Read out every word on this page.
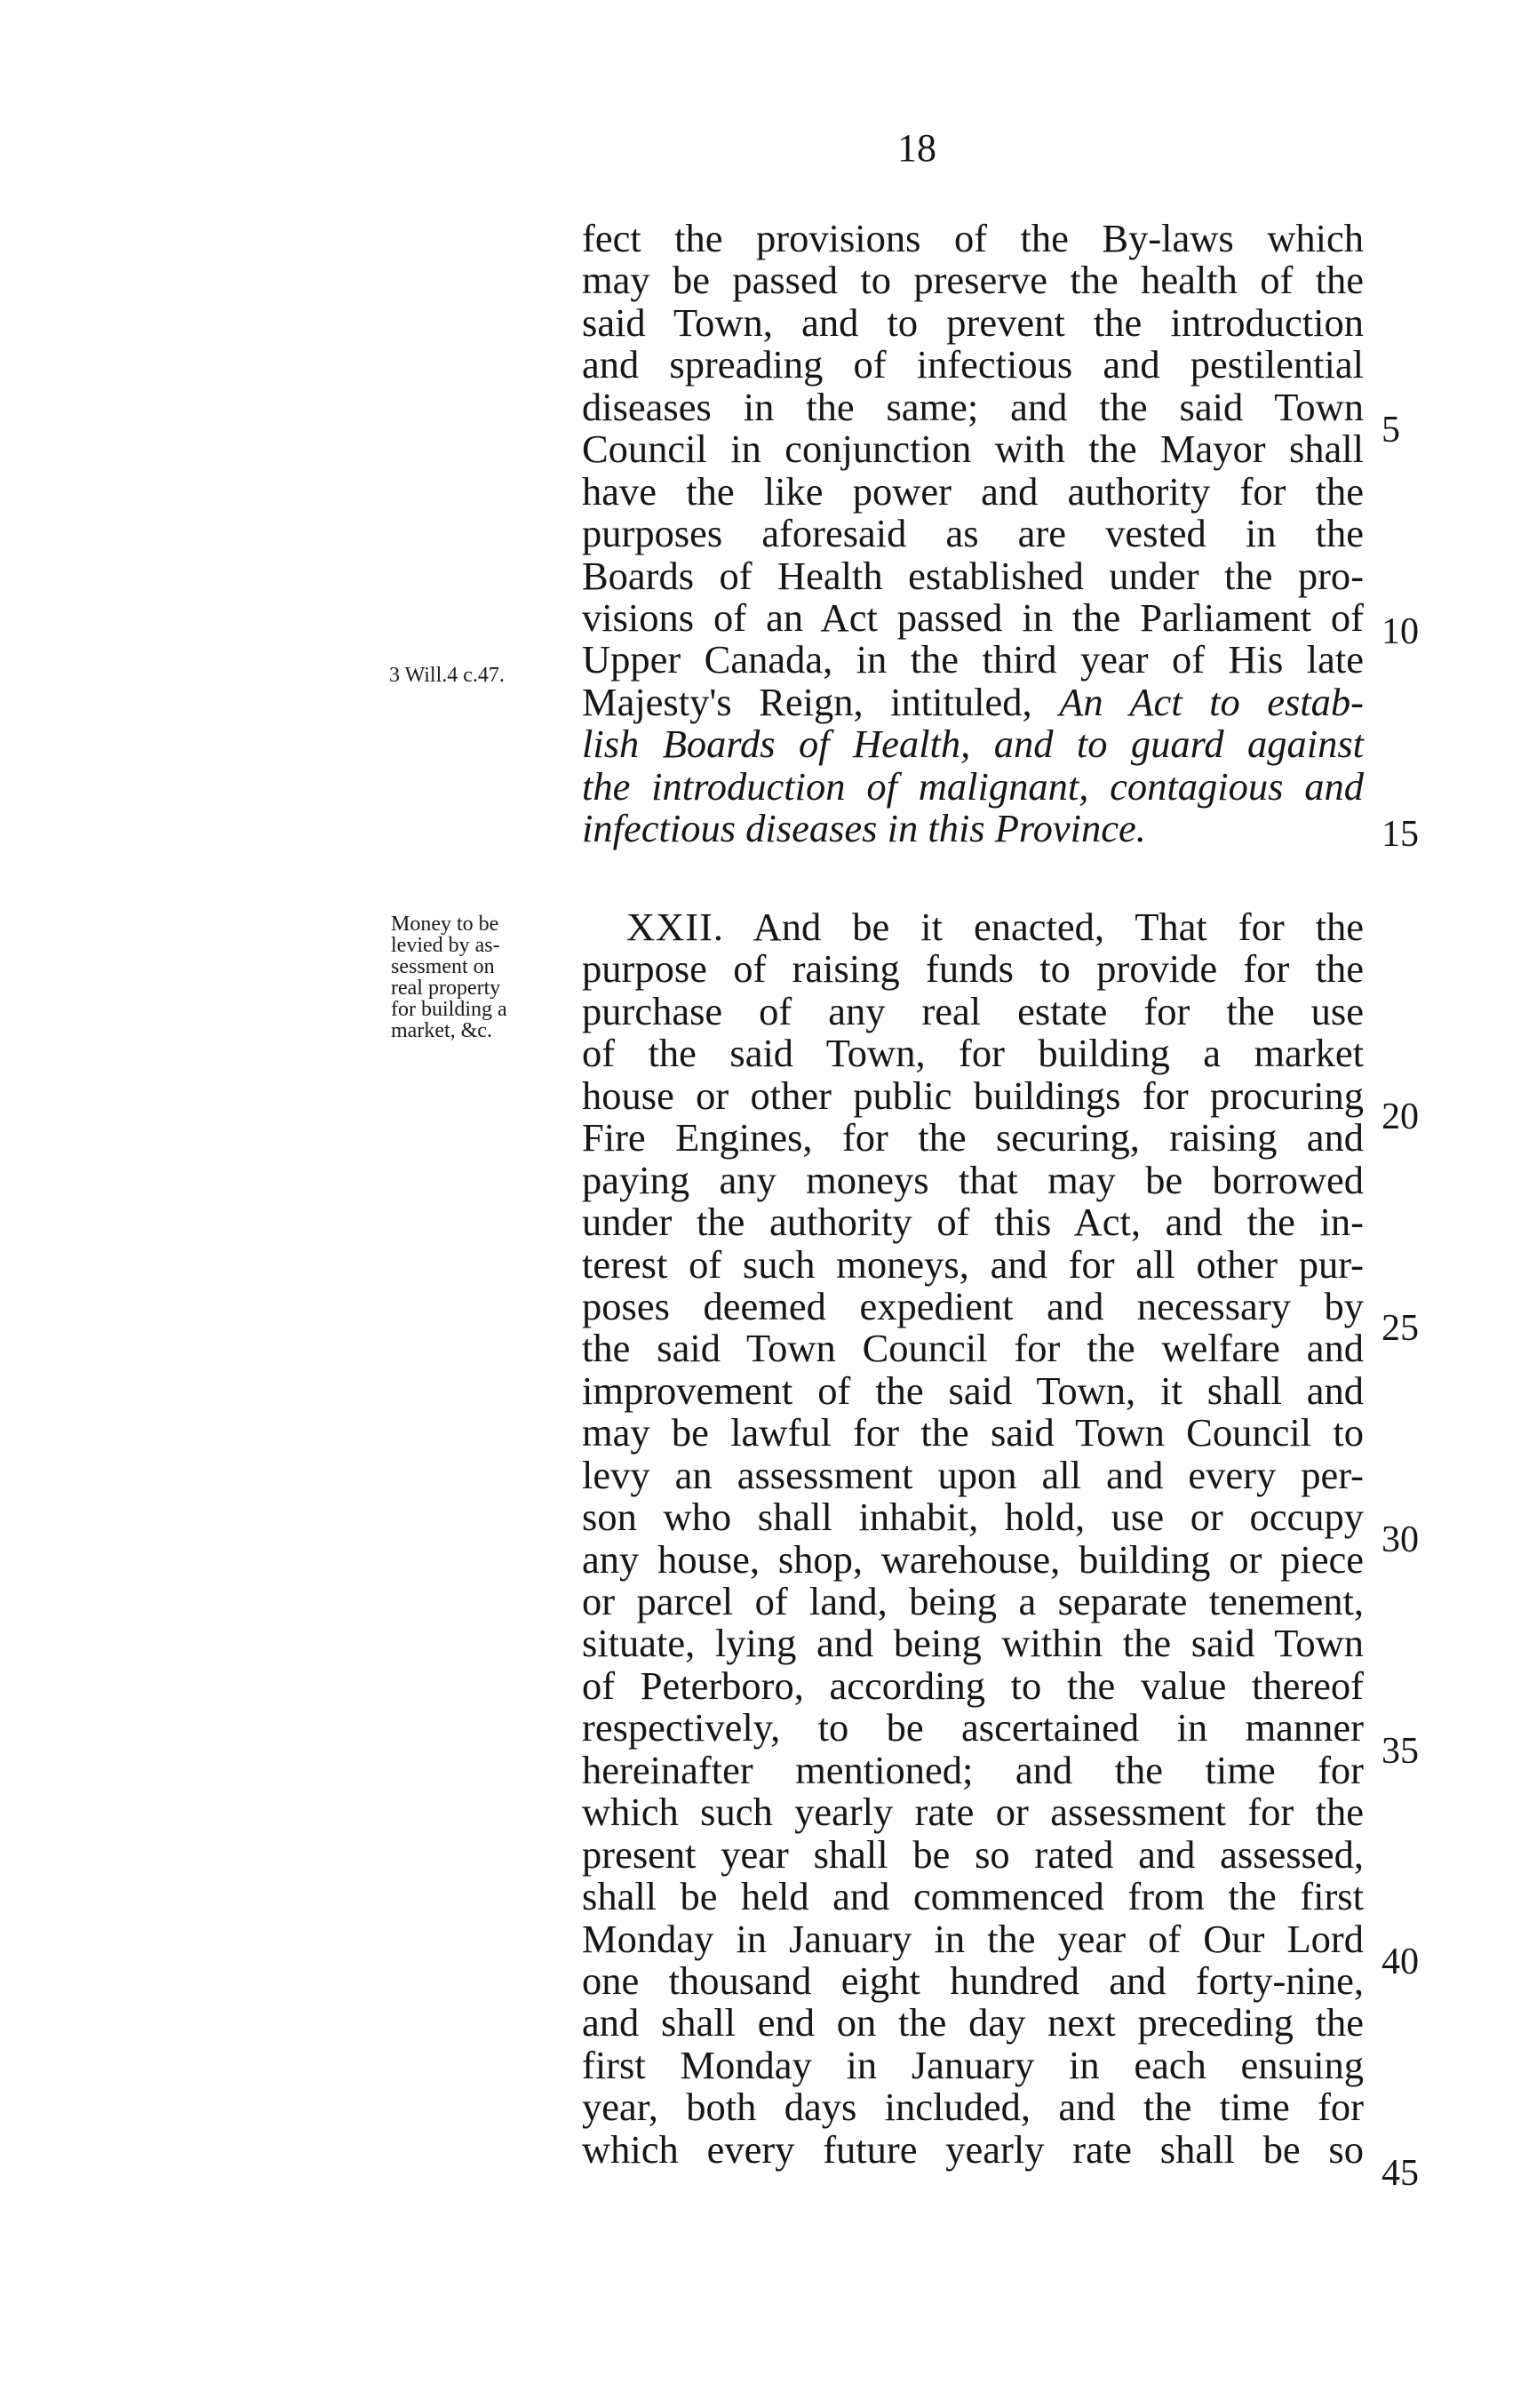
18
3 Will.4 c.47.
Money to be
levied by as-
sessment on
real property
for building a
market, &c.
fect the provisions of the By-laws which
may be passed to preserve the health of the
said Town, and to prevent the introduction
and spreading of infectious and pestilential
diseases in the same; and the said Town
Council in conjunction with the Mayor shall
have the like power and authority for the
purposes aforesaid as are vested in the
Boards of Health established under the pro-
visions of an Act passed in the Parliament of
Upper Canada, in the third year of His late
Majesty's Reign, intituled, An Act to estab-
lish Boards of Health, and to guard against
the introduction of malignant, contagious and
infectious diseases in this Province.
XXII. And be it enacted, That for the
purpose of raising funds to provide for the
purchase of any real estate for the use
of the said Town, for building a market
house or other public buildings for procuring
Fire Engines, for the securing, raising and
paying any moneys that may be borrowed
under the authority of this Act, and the in-
terest of such moneys, and for all other pur-
poses deemed expedient and necessary by
the said Town Council for the welfare and
improvement of the said Town, it shall and
may be lawful for the said Town Council to
levy an assessment upon all and every per-
son who shall inhabit, hold, use or occupy
any house, shop, warehouse, building or piece
or parcel of land, being a separate tenement,
situate, lying and being within the said Town
of Peterboro, according to the value thereof
respectively, to be ascertained in manner
hereinafter mentioned; and the time for
which such yearly rate or assessment for the
present year shall be so rated and assessed,
shall be held and commenced from the first
Monday in January in the year of Our Lord
one thousand eight hundred and forty-nine,
and shall end on the day next preceding the
first Monday in January in each ensuing
year, both days included, and the time for
which every future yearly rate shall be so
5
10
15
20
25
30
35
40
45
